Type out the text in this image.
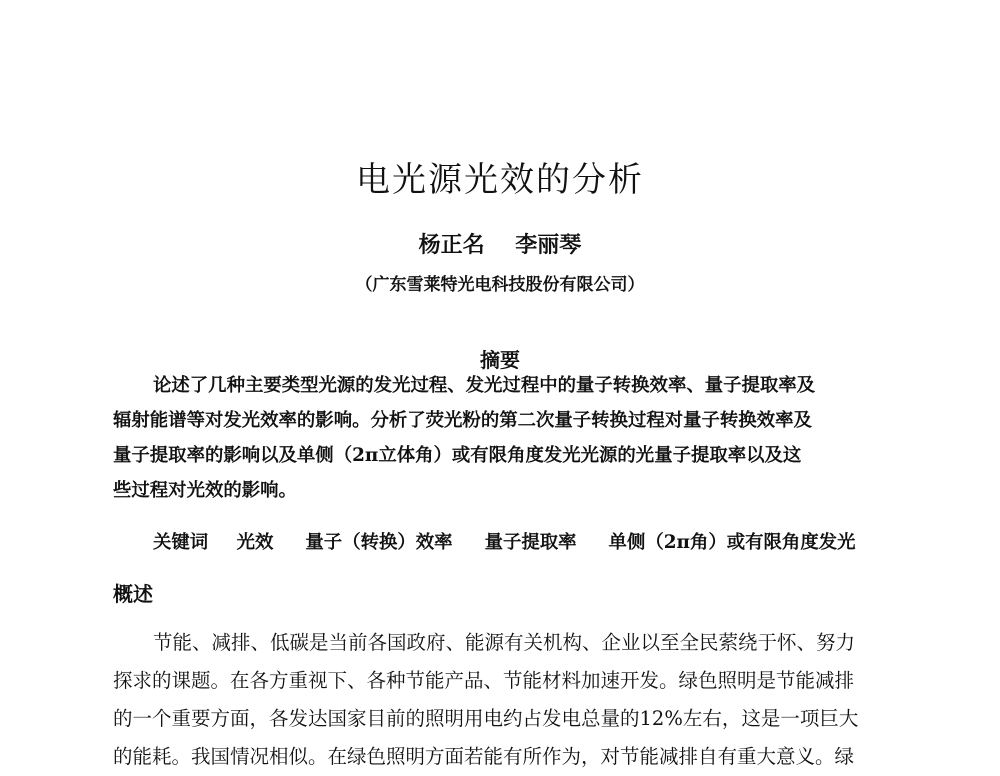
电光源光效的分析
杨正名    李丽琴
（广东雪莱特光电科技股份有限公司）
摘要
论述了几种主要类型光源的发光过程、发光过程中的量子转换效率、量子提取率及
辐射能谱等对发光效率的影响。分析了荧光粉的第二次量子转换过程对量子转换效率及
量子提取率的影响以及单侧（2π立体角）或有限角度发光光源的光量子提取率以及这
些过程对光效的影响。
关键词 光效 量子（转换）效率 量子提取率 单侧（2π角）或有限角度发光
概述
节能、减排、低碳是当前各国政府、能源有关机构、企业以至全民萦绕于怀、努力
探求的课题。在各方重视下、各种节能产品、节能材料加速开发。绿色照明是节能减排
的一个重要方面，各发达国家目前的照明用电约占发电总量的12%左右，这是一项巨大
的能耗。我国情况相似。在绿色照明方面若能有所作为，对节能减排自有重大意义。绿
